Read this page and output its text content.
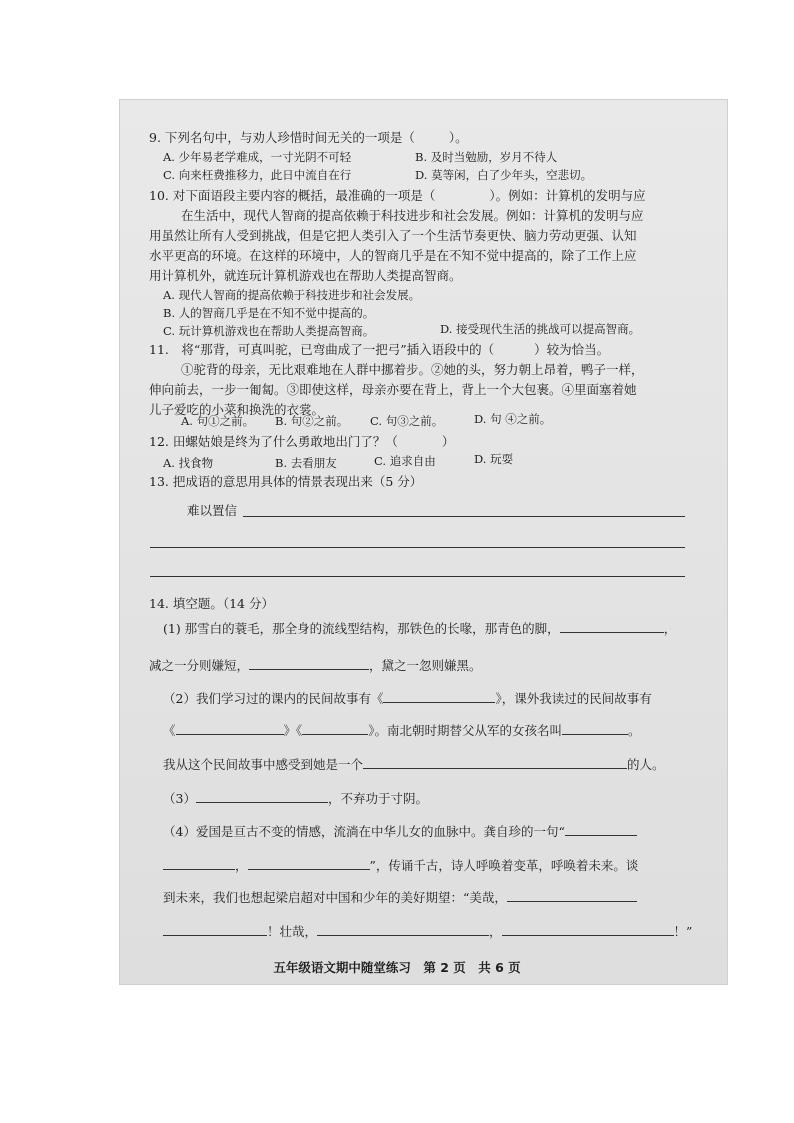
9. 下列名句中，与劝人珍惜时间无关的一项是（	）。
A. 少年易老学难成，一寸光阴不可轻	B. 及时当勉励，岁月不待人
C. 向来枉费推移力，此日中流自在行	D. 莫等闲，白了少年头，空悲切。
10. 对下面语段主要内容的概括，最准确的一项是（	）。例如：计算机的发明与应
在生活中，现代人智商的提高依赖于科技进步和社会发展。例如：计算机的发明与应
用虽然让所有人受到挑战，但是它把人类引入了一个生活节奏更快、脑力劳动更强、认知
水平更高的环境。在这样的环境中，人的智商几乎是在不知不觉中提高的，除了工作上应
用计算机外，就连玩计算机游戏也在帮助人类提高智商。
A. 现代人智商的提高依赖于科技进步和社会发展。
B. 人的智商几乎是在不知不觉中提高的。
C. 玩计算机游戏也在帮助人类提高智商。	D. 接受现代生活的挑战可以提高智商。
11.　将“那背，可真叫驼，已弯曲成了一把弓”插入语段中的（	）较为恰当。
①驼背的母亲，无比艰难地在人群中挪着步。②她的头，努力朝上昂着，鸭子一样，
伸向前去，一步一匍匐。③即使这样，母亲亦要在背上，背上一个大包裹。④里面塞着她
儿子爱吃的小菜和换洗的衣裳。
A. 句①之前。 B. 句②之前。 C. 句③之前。	D. 句 ④之前。
12. 田螺姑娘是终为了什么勇敢地出门了？（	）
A. 找食物	B. 去看朋友	C. 追求自由	D. 玩耍
13. 把成语的意思用具体的情景表现出来（5 分）
难以置信
14. 填空题。（14 分）
(1) 那雪白的蓑毛，那全身的流线型结构，那铁色的长喙，那青色的脚，	，
减之一分则嫌短，	，黛之一忽则嫌黑。
（2）我们学习过的课内的民间故事有《	》，课外我读过的民间故事有
《	》《	》。南北朝时期替父从军的女孩名叫	。
我从这个民间故事中感受到她是一个	的人。
（3）	，不弃功于寸阴。
（4）爱国是亘古不变的情感，流淌在中华儿女的血脉中。龚自珍的一句“
，	”，传诵千古，诗人呼唤着变革，呼唤着未来。谈
到未来，我们也想起梁启超对中国和少年的美好期望：“美哉，
！壮哉，	，	！”
五年级语文期中随堂练习　第 2 页　共 6 页
